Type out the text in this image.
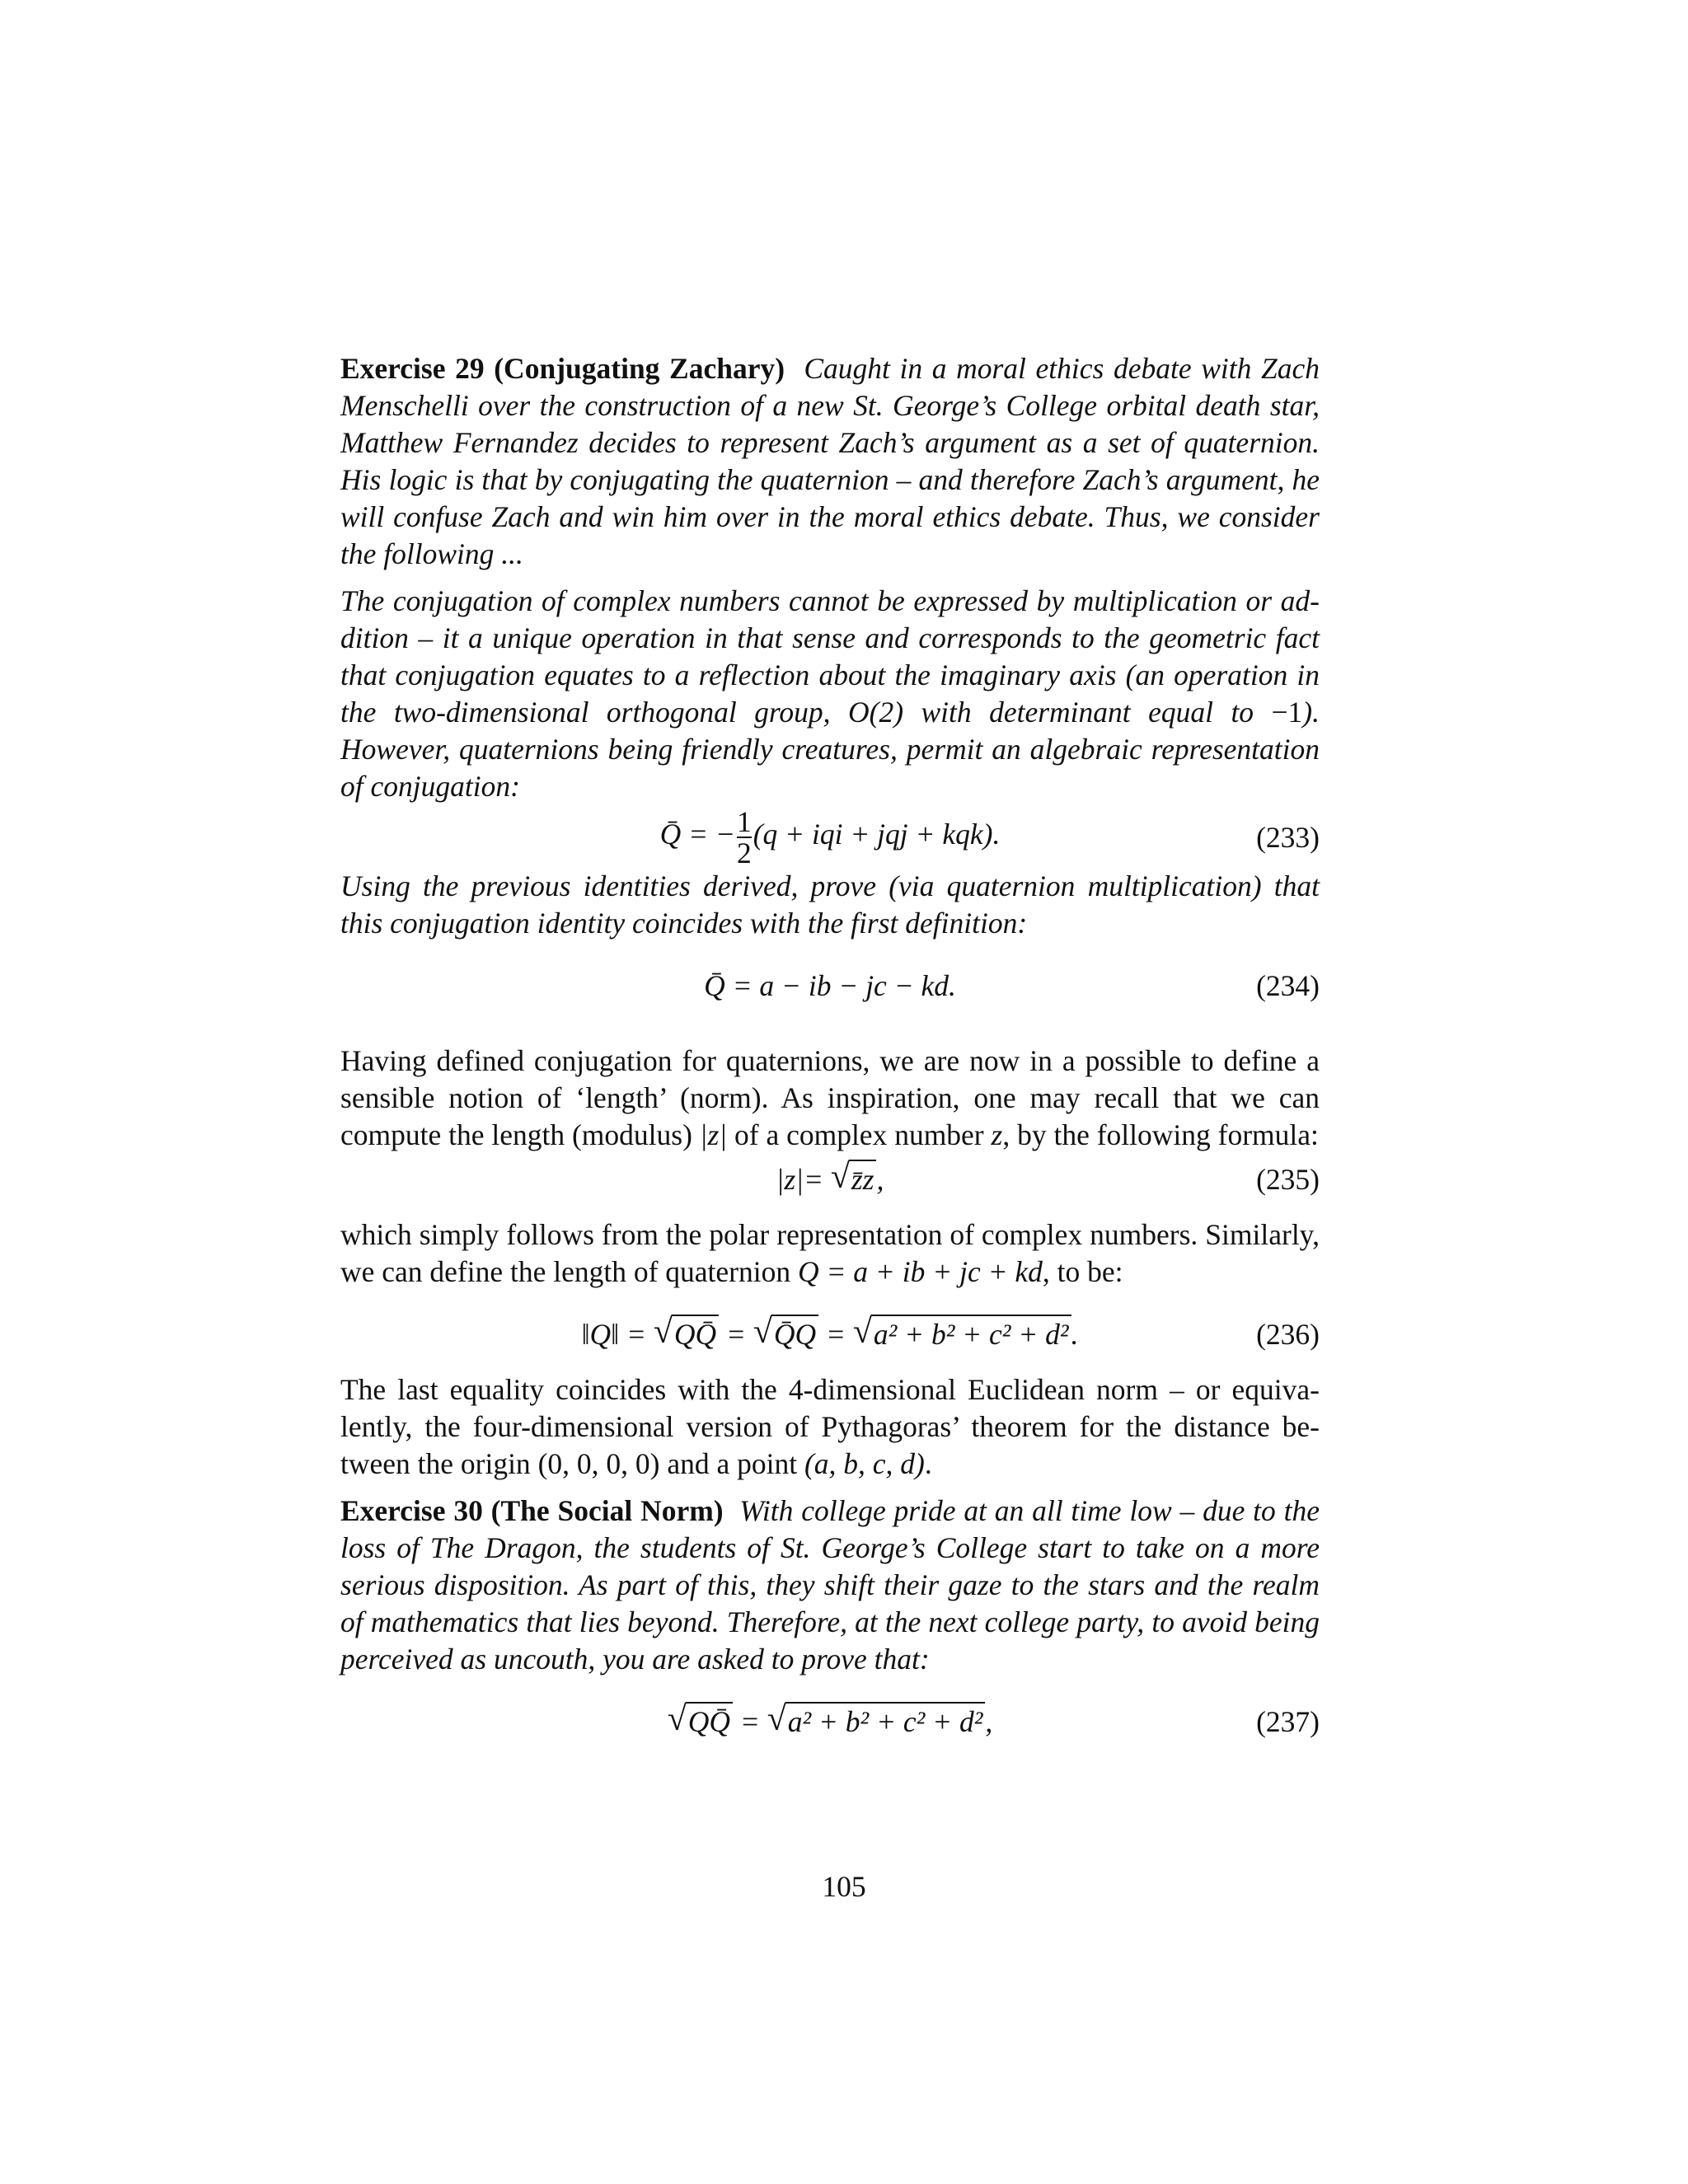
Exercise 29 (Conjugating Zachary) Caught in a moral ethics debate with Zach Menschelli over the construction of a new St. George’s College orbital death star, Matthew Fernandez decides to represent Zach’s argument as a set of quaternion. His logic is that by conjugating the quaternion – and therefore Zach’s argument, he will confuse Zach and win him over in the moral ethics debate. Thus, we consider the following ...

The conjugation of complex numbers cannot be expressed by multiplication or addition – it a unique operation in that sense and corresponds to the geometric fact that conjugation equates to a reflection about the imaginary axis (an operation in the two-dimensional orthogonal group, O(2) with determinant equal to −1). However, quaternions being friendly creatures, permit an algebraic representation of conjugation:

Q̄ = − $\frac{1}{2} (q$ + iqi + jqj + kqk).	(233)

Using the previous identities derived, prove (via quaternion multiplication) that this conjugation identity coincides with the first definition:

Q̄ = a − ib − jc − kd.	(234)

Having defined conjugation for quaternions, we are now in a possible to define a sensible notion of ‘length’ (norm). As inspiration, one may recall that we can compute the length (modulus) |z| of a complex number z, by the following formula:

|z|= √ z̄z,	(235)

which simply follows from the polar representation of complex numbers. Similarly, we can define the length of quaternion Q = a + ib + jc + kd, to be:

‖Q‖ = √ QQ̄ = √ Q̄Q = √ a² + b² + c² + d².	(236)

The last equality coincides with the 4-dimensional Euclidean norm – or equivalently, the four-dimensional version of Pythagoras’ theorem for the distance between the origin (0, 0, 0, 0) and a point (a, b, c, d).

Exercise 30 (The Social Norm) With college pride at an all time low – due to the loss of The Dragon, the students of St. George’s College start to take on a more serious disposition. As part of this, they shift their gaze to the stars and the realm of mathematics that lies beyond. Therefore, at the next college party, to avoid being perceived as uncouth, you are asked to prove that:

√ QQ̄ = √ a² + b² + c² + d²,	(237)
105
